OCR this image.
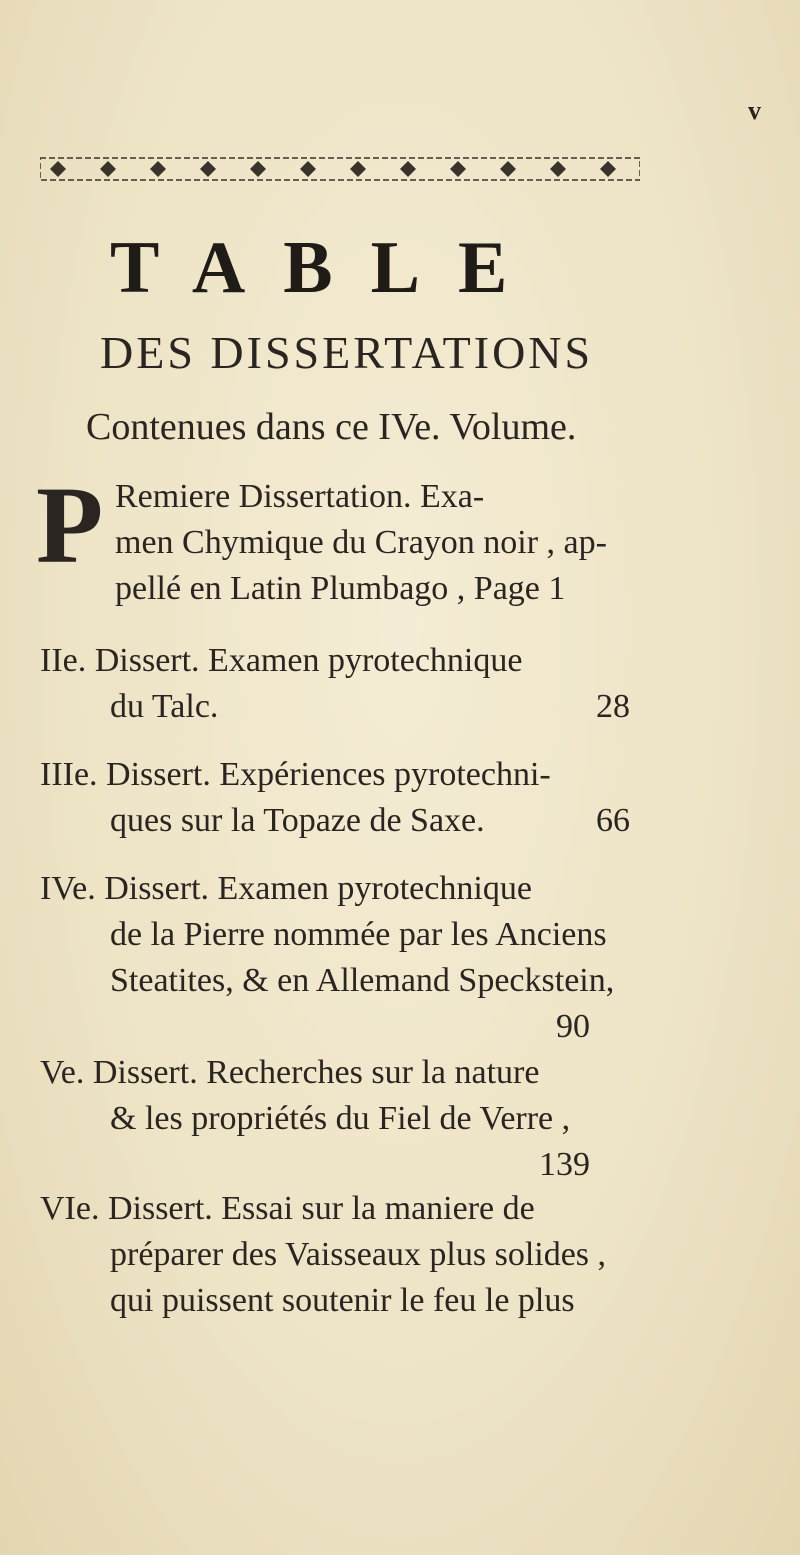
v
TABLE
DES DISSERTATIONS
Contenues dans ce IVe. Volume.
P Remiere Dissertation. Exa-
men Chymique du Crayon noir , ap-
pellé en Latin Plumbago , Page 1
IIe. Dissert. Examen pyrotechnique
du Talc.	28
IIIe. Dissert. Expériences pyrotechni-
ques sur la Topaze de Saxe.	66
IVe. Dissert. Examen pyrotechnique
de la Pierre nommée par les Anciens
Steatites, & en Allemand Speckstein,
90
Ve. Dissert. Recherches sur la nature
& les propriétés du Fiel de Verre ,
139
VIe. Dissert. Essai sur la maniere de
préparer des Vaisseaux plus solides ,
qui puissent soutenir le feu le plus
